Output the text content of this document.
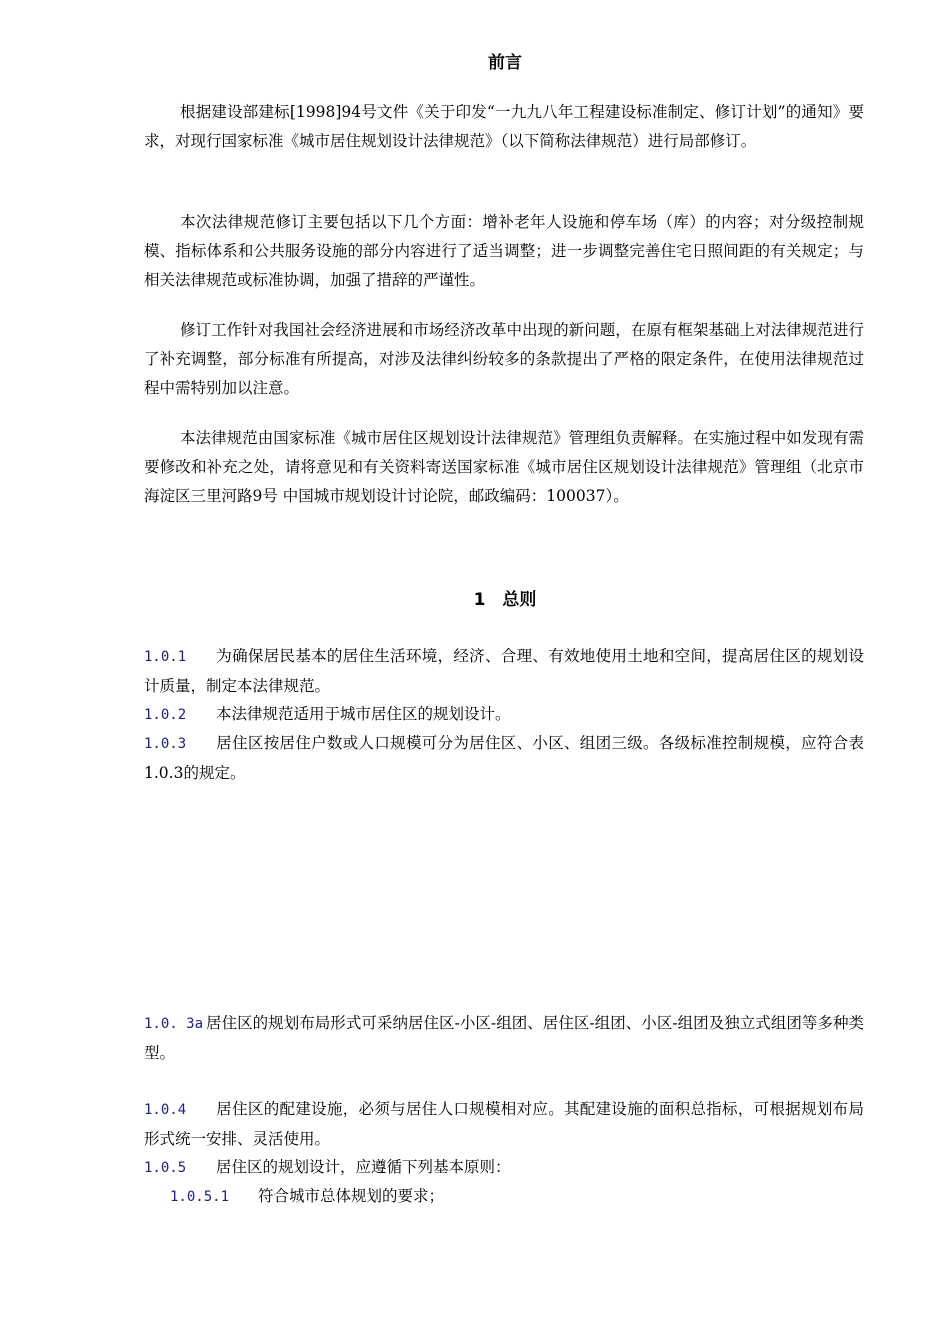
前言

根据建设部建标[1998]94号文件《关于印发“一九九八年工程建设标准制定、修订计划”的通知》要求，对现行国家标准《城市居住规划设计法律规范》（以下简称法律规范）进行局部修订。

本次法律规范修订主要包括以下几个方面：增补老年人设施和停车场（库）的内容；对分级控制规模、指标体系和公共服务设施的部分内容进行了适当调整；进一步调整完善住宅日照间距的有关规定；与相关法律规范或标准协调，加强了措辞的严谨性。

修订工作针对我国社会经济进展和市场经济改革中出现的新问题，在原有框架基础上对法律规范进行了补充调整，部分标准有所提高，对涉及法律纠纷较多的条款提出了严格的限定条件，在使用法律规范过程中需特别加以注意。

本法律规范由国家标准《城市居住区规划设计法律规范》管理组负责解释。在实施过程中如发现有需要修改和补充之处，请将意见和有关资料寄送国家标准《城市居住区规划设计法律规范》管理组（北京市海淀区三里河路9号 中国城市规划设计讨论院，邮政编码：100037）。

1　总则

1.0.1 为确保居民基本的居住生活环境，经济、合理、有效地使用土地和空间，提高居住区的规划设计质量，制定本法律规范。

1.0.2 本法律规范适用于城市居住区的规划设计。

1.0.3 居住区按居住户数或人口规模可分为居住区、小区、组团三级。各级标准控制规模，应符合表1.0.3的规定。

1.0. 3a 居住区的规划布局形式可采纳居住区-小区-组团、居住区-组团、小区-组团及独立式组团等多种类型。

1.0.4 居住区的配建设施，必须与居住人口规模相对应。其配建设施的面积总指标，可根据规划布局形式统一安排、灵活使用。

1.0.5 居住区的规划设计，应遵循下列基本原则：

1.0.5.1 符合城市总体规划的要求；
